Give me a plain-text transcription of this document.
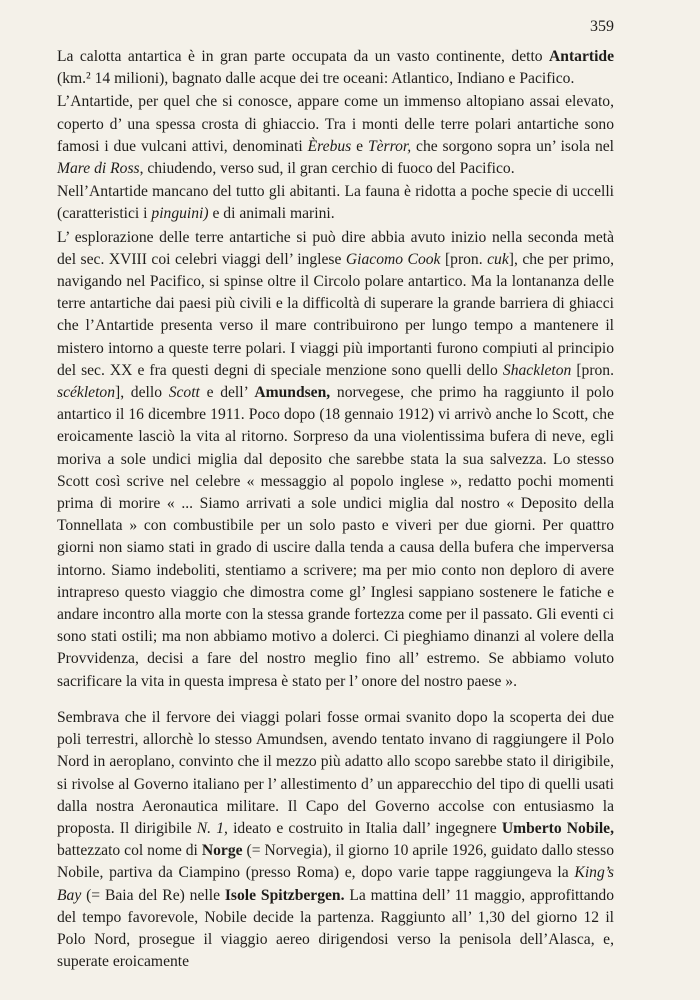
359

La calotta antartica è in gran parte occupata da un vasto continente, detto Antartide (km.² 14 milioni), bagnato dalle acque dei tre oceani: Atlantico, Indiano e Pacifico.

L’Antartide, per quel che si conosce, appare come un immenso altopiano assai elevato, coperto d’ una spessa crosta di ghiaccio. Tra i monti delle terre polari antartiche sono famosi i due vulcani attivi, denominati Èrebus e Tèrror, che sorgono sopra un’ isola nel Mare di Ross, chiudendo, verso sud, il gran cerchio di fuoco del Pacifico.

Nell’Antartide mancano del tutto gli abitanti. La fauna è ridotta a poche specie di uccelli (caratteristici i pinguini) e di animali marini.

L’ esplorazione delle terre antartiche si può dire abbia avuto inizio nella seconda metà del sec. XVIII coi celebri viaggi dell’ inglese Giacomo Cook [pron. cuk], che per primo, navigando nel Pacifico, si spinse oltre il Circolo polare antartico. Ma la lontananza delle terre antartiche dai paesi più civili e la difficoltà di superare la grande barriera di ghiacci che l’Antartide presenta verso il mare contribuirono per lungo tempo a mantenere il mistero intorno a queste terre polari. I viaggi più importanti furono compiuti al principio del sec. XX e fra questi degni di speciale menzione sono quelli dello Shackleton [pron. scékleton], dello Scott e dell’ Amundsen, norvegese, che primo ha raggiunto il polo antartico il 16 dicembre 1911. Poco dopo (18 gennaio 1912) vi arrivò anche lo Scott, che eroicamente lasciò la vita al ritorno. Sorpreso da una violentissima bufera di neve, egli moriva a sole undici miglia dal deposito che sarebbe stata la sua salvezza. Lo stesso Scott così scrive nel celebre « messaggio al popolo inglese », redatto pochi momenti prima di morire « ... Siamo arrivati a sole undici miglia dal nostro « Deposito della Tonnellata » con combustibile per un solo pasto e viveri per due giorni. Per quattro giorni non siamo stati in grado di uscire dalla tenda a causa della bufera che imperversa intorno. Siamo indeboliti, stentiamo a scrivere; ma per mio conto non deploro di avere intrapreso questo viaggio che dimostra come gl’ Inglesi sappiano sostenere le fatiche e andare incontro alla morte con la stessa grande fortezza come per il passato. Gli eventi ci sono stati ostili; ma non abbiamo motivo a dolerci. Ci pieghiamo dinanzi al volere della Provvidenza, decisi a fare del nostro meglio fino all’ estremo. Se abbiamo voluto sacrificare la vita in questa impresa è stato per l’ onore del nostro paese ».

Sembrava che il fervore dei viaggi polari fosse ormai svanito dopo la scoperta dei due poli terrestri, allorchè lo stesso Amundsen, avendo tentato invano di raggiungere il Polo Nord in aeroplano, convinto che il mezzo più adatto allo scopo sarebbe stato il dirigibile, si rivolse al Governo italiano per l’ allestimento d’ un apparecchio del tipo di quelli usati dalla nostra Aeronautica militare. Il Capo del Governo accolse con entusiasmo la proposta. Il dirigibile N. 1, ideato e costruito in Italia dall’ ingegnere Umberto Nobile, battezzato col nome di Norge (= Norvegia), il giorno 10 aprile 1926, guidato dallo stesso Nobile, partiva da Ciampino (presso Roma) e, dopo varie tappe raggiungeva la King’s Bay (= Baia del Re) nelle Isole Spitzbergen. La mattina dell’ 11 maggio, approfittando del tempo favorevole, Nobile decide la partenza. Raggiunto all’ 1,30 del giorno 12 il Polo Nord, prosegue il viaggio aereo dirigendosi verso la penisola dell’Alasca, e, superate eroicamente
